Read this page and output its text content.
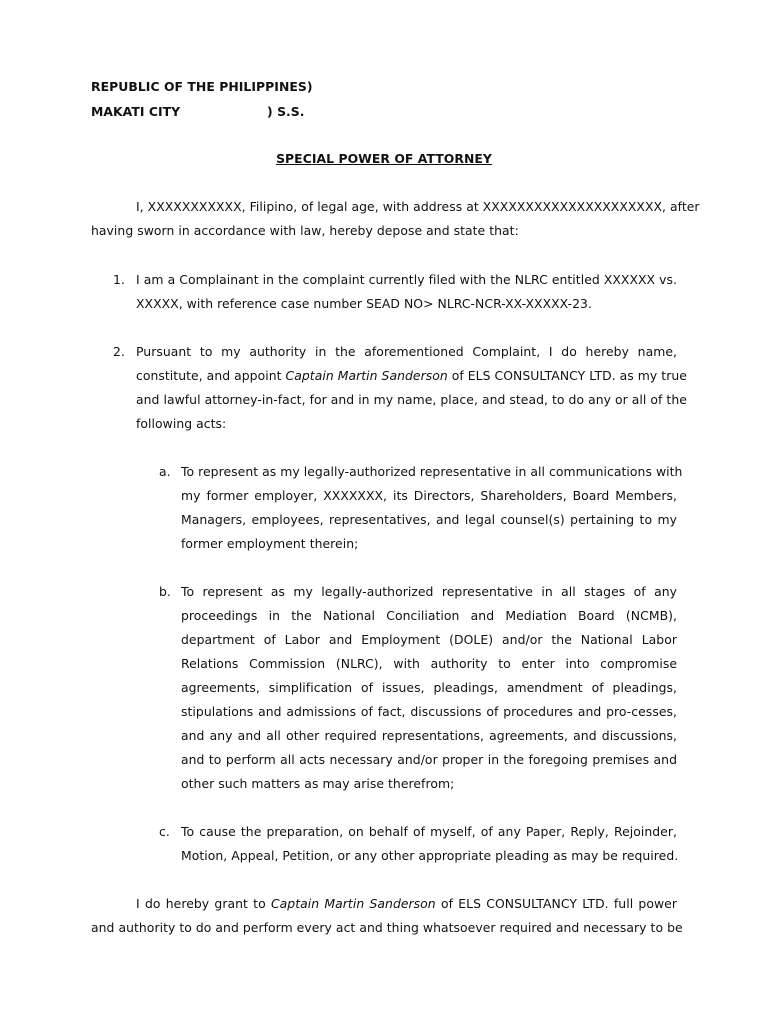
REPUBLIC OF THE PHILIPPINES)
MAKATI CITY	) S.S.
SPECIAL POWER OF ATTORNEY
I, XXXXXXXXXXX, Filipino, of legal age, with address at XXXXXXXXXXXXXXXXXXXXX, after
having sworn in accordance with law, hereby depose and state that:
1. I am a Complainant in the complaint currently filed with the NLRC entitled XXXXXX vs.
XXXXX, with reference case number SEAD NO> NLRC-NCR-XX-XXXXX-23.
2. Pursuant to my authority in the aforementioned Complaint, I do hereby name,
constitute, and appoint Captain Martin Sanderson of ELS CONSULTANCY LTD. as my true
and lawful attorney-in-fact, for and in my name, place, and stead, to do any or all of the
following acts:
a. To represent as my legally-authorized representative in all communications with
my former employer, XXXXXXX, its Directors, Shareholders, Board Members,
Managers, employees, representatives, and legal counsel(s) pertaining to my
former employment therein;
b. To represent as my legally-authorized representative in all stages of any
proceedings in the National Conciliation and Mediation Board (NCMB),
department of Labor and Employment (DOLE) and/or the National Labor
Relations Commission (NLRC), with authority to enter into compromise
agreements, simplification of issues, pleadings, amendment of pleadings,
stipulations and admissions of fact, discussions of procedures and pro-cesses,
and any and all other required representations, agreements, and discussions,
and to perform all acts necessary and/or proper in the foregoing premises and
other such matters as may arise therefrom;
c. To cause the preparation, on behalf of myself, of any Paper, Reply, Rejoinder,
Motion, Appeal, Petition, or any other appropriate pleading as may be required.
I do hereby grant to Captain Martin Sanderson of ELS CONSULTANCY LTD. full power
and authority to do and perform every act and thing whatsoever required and necessary to be
